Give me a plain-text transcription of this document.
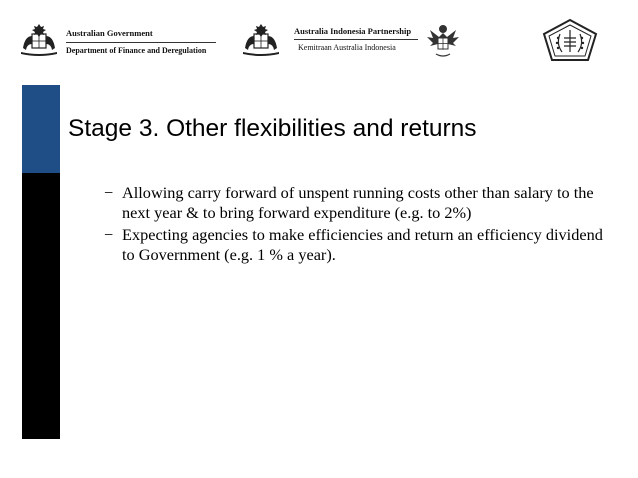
Australian Government
Department of Finance and Deregulation
Australia Indonesia Partnership
Kemitraan Australia Indonesia
Stage 3. Other flexibilities and returns
− Allowing carry forward of unspent running costs other than salary to the next year & to bring forward expenditure (e.g. to 2%)
− Expecting agencies to make efficiencies and return an efficiency dividend to Government (e.g. 1 % a year).
